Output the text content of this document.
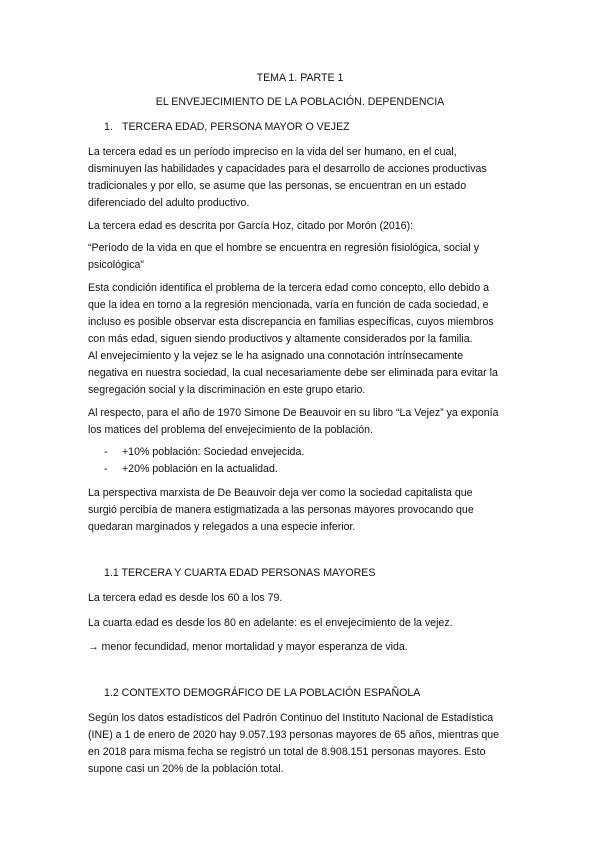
TEMA 1. PARTE 1
EL ENVEJECIMIENTO DE LA POBLACIÓN. DEPENDENCIA
1. TERCERA EDAD, PERSONA MAYOR O VEJEZ

La tercera edad es un período impreciso en la vida del ser humano, en el cual,
disminuyen las habilidades y capacidades para el desarrollo de acciones productivas
tradicionales y por ello, se asume que las personas, se encuentran en un estado
diferenciado del adulto productivo.

La tercera edad es descrita por García Hoz, citado por Morón (2016):

“Período de la vida en que el hombre se encuentra en regresión fisiológica, social y
psicológica”

Esta condición identifica el problema de la tercera edad como concepto, ello debido a
que la idea en torno a la regresión mencionada, varía en función de cada sociedad, e
incluso es posible observar esta discrepancia en familias específicas, cuyos miembros
con más edad, siguen siendo productivos y altamente considerados por la familia.

Al envejecimiento y la vejez se le ha asignado una connotación intrínsecamente
negativa en nuestra sociedad, la cual necesariamente debe ser eliminada para evitar la
segregación social y la discriminación en este grupo etario.

Al respecto, para el año de 1970 Simone De Beauvoir en su libro “La Vejez” ya exponía
los matices del problema del envejecimiento de la población.

- +10% población: Sociedad envejecida.
- +20% población en la actualidad.

La perspectiva marxista de De Beauvoir deja ver como la sociedad capitalista que
surgió percibía de manera estigmatizada a las personas mayores provocando que
quedaran marginados y relegados a una especie inferior.

1.1 TERCERA Y CUARTA EDAD PERSONAS MAYORES

La tercera edad es desde los 60 a los 79.

La cuarta edad es desde los 80 en adelante: es el envejecimiento de la vejez.

→ menor fecundidad, menor mortalidad y mayor esperanza de vida.

1.2 CONTEXTO DEMOGRÁFICO DE LA POBLACIÓN ESPAÑOLA

Según los datos estadísticos del Padrón Continuo del Instituto Nacional de Estadística
(INE) a 1 de enero de 2020 hay 9.057.193 personas mayores de 65 años, mientras que
en 2018 para misma fecha se registró un total de 8.908.151 personas mayores. Esto
supone casi un 20% de la población total.
